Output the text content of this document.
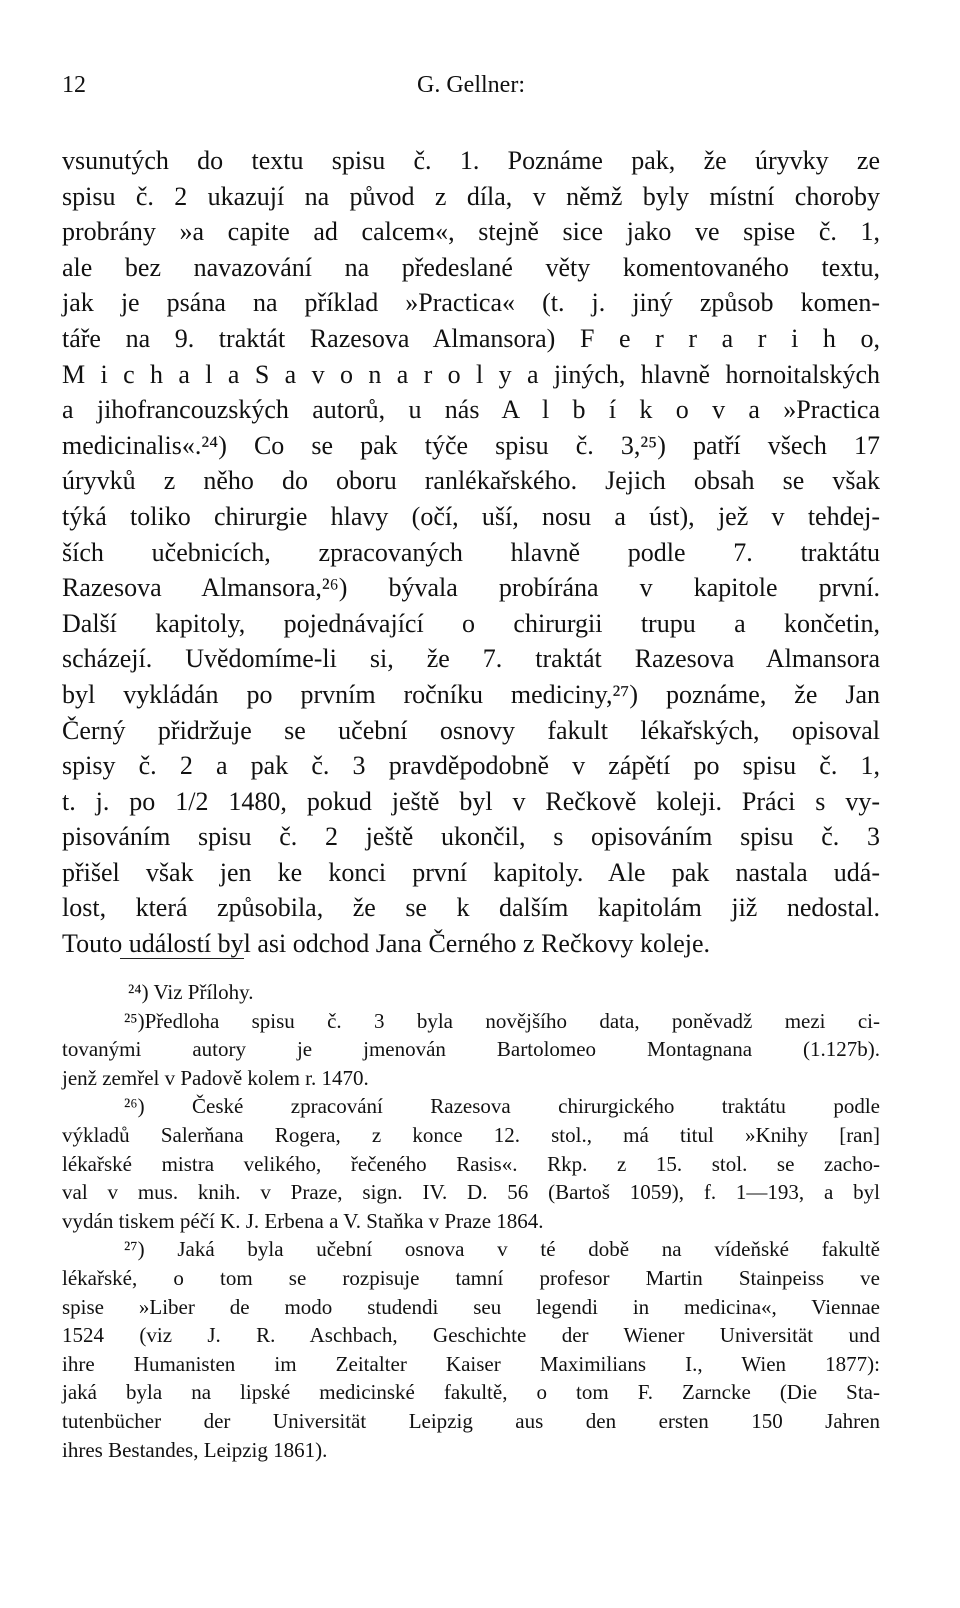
12	G. Gellner:
vsunutých do textu spisu č. 1. Poznáme pak, že úryvky ze
spisu č. 2 ukazují na původ z díla, v němž byly místní choroby
probrány »a capite ad calcem«, stejně sice jako ve spise č. 1,
ale bez navazování na předeslané věty komentovaného textu,
jak je psána na příklad »Practica« (t. j. jiný způsob komen-
táře na 9. traktát Razesova Almansora) F e r r a r i h o,
M i c h a l a S a v o n a r o l y a jiných, hlavně hornoitalských
a jihofrancouzských autorů, u nás A l b í k o v a »Practica
medicinalis«.²⁴) Co se pak týče spisu č. 3,²⁵) patří všech 17
úryvků z něho do oboru ranlékařského. Jejich obsah se však
týká toliko chirurgie hlavy (očí, uší, nosu a úst), jež v tehdej-
ších učebnicích, zpracovaných hlavně podle 7. traktátu
Razesova Almansora,²⁶) bývala probírána v kapitole první.
Další kapitoly, pojednávající o chirurgii trupu a končetin,
scházejí. Uvědomíme-li si, že 7. traktát Razesova Almansora
byl vykládán po prvním ročníku mediciny,²⁷) poznáme, že Jan
Černý přidržuje se učební osnovy fakult lékařských, opisoval
spisy č. 2 a pak č. 3 pravděpodobně v zápětí po spisu č. 1,
t. j. po 1/2 1480, pokud ještě byl v Rečkově koleji. Práci s vy-
pisováním spisu č. 2 ještě ukončil, s opisováním spisu č. 3
přišel však jen ke konci první kapitoly. Ale pak nastala udá-
lost, která způsobila, že se k dalším kapitolám již nedostal.
Touto událostí byl asi odchod Jana Černého z Rečkovy koleje.
²⁴) Viz Přílohy.
²⁵)Předloha spisu č. 3 byla novějšího data, poněvadž mezi ci-
tovanými autory je jmenován Bartolomeo Montagnana (1.127b).
jenž zemřel v Padově kolem r. 1470.
²⁶) České zpracování Razesova chirurgického traktátu podle
výkladů Salerňana Rogera, z konce 12. stol., má titul »Knihy [ran]
lékařské mistra velikého, řečeného Rasis«. Rkp. z 15. stol. se zacho-
val v mus. knih. v Praze, sign. IV. D. 56 (Bartoš 1059), f. 1—193, a byl
vydán tiskem péčí K. J. Erbena a V. Staňka v Praze 1864.
²⁷) Jaká byla učební osnova v té době na vídeňské fakultě
lékařské, o tom se rozpisuje tamní profesor Martin Stainpeiss ve
spise »Liber de modo studendi seu legendi in medicina«, Viennae
1524 (viz J. R. Aschbach, Geschichte der Wiener Universität und
ihre Humanisten im Zeitalter Kaiser Maximilians I., Wien 1877):
jaká byla na lipské medicinské fakultě, o tom F. Zarncke (Die Sta-
tutenbücher der Universität Leipzig aus den ersten 150 Jahren
ihres Bestandes, Leipzig 1861).
